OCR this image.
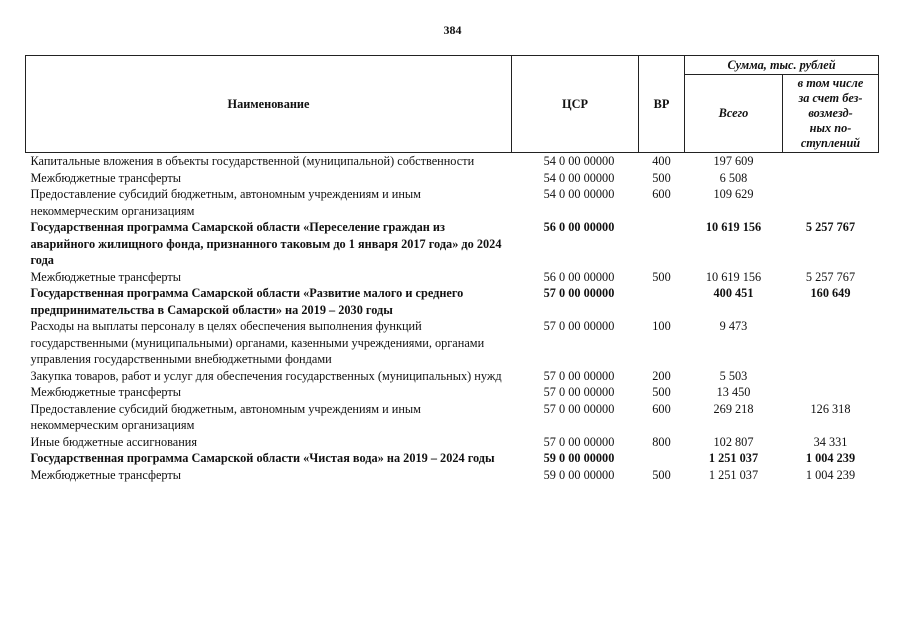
384
Наименование	ЦСР	ВР	Сумма, тыс. рублей	
			Всего	в том числе
за счет без-
возмезд-
ных по-
ступлений
Капитальные вложения в объекты государственной (муниципальной) собственности	54 0 00 00000	400	197 609	
Межбюджетные трансферты	54 0 00 00000	500	6 508	
Предоставление субсидий бюджетным, автономным учреждениям и иным некоммерческим организациям	54 0 00 00000	600	109 629	
Государственная программа Самарской области «Переселение граждан из аварийного жилищного фонда, признанного таковым до 1 января 2017 года» до 2024 года	56 0 00 00000		10 619 156	5 257 767
Межбюджетные трансферты	56 0 00 00000	500	10 619 156	5 257 767
Государственная программа Самарской области «Развитие малого и среднего предпринимательства в Самарской области» на 2019 – 2030 годы	57 0 00 00000		400 451	160 649
Расходы на выплаты персоналу в целях обеспечения выполнения функций государственными (муниципальными) органами, казенными учреждениями, органами управления государственными внебюджетными фондами	57 0 00 00000	100	9 473	
Закупка товаров, работ и услуг для обеспечения государственных (муниципальных) нужд	57 0 00 00000	200	5 503	
Межбюджетные трансферты	57 0 00 00000	500	13 450	
Предоставление субсидий бюджетным, автономным учреждениям и иным некоммерческим организациям	57 0 00 00000	600	269 218	126 318
Иные бюджетные ассигнования	57 0 00 00000	800	102 807	34 331
Государственная программа Самарской области «Чистая вода» на 2019 – 2024 годы	59 0 00 00000		1 251 037	1 004 239
Межбюджетные трансферты	59 0 00 00000	500	1 251 037	1 004 239
